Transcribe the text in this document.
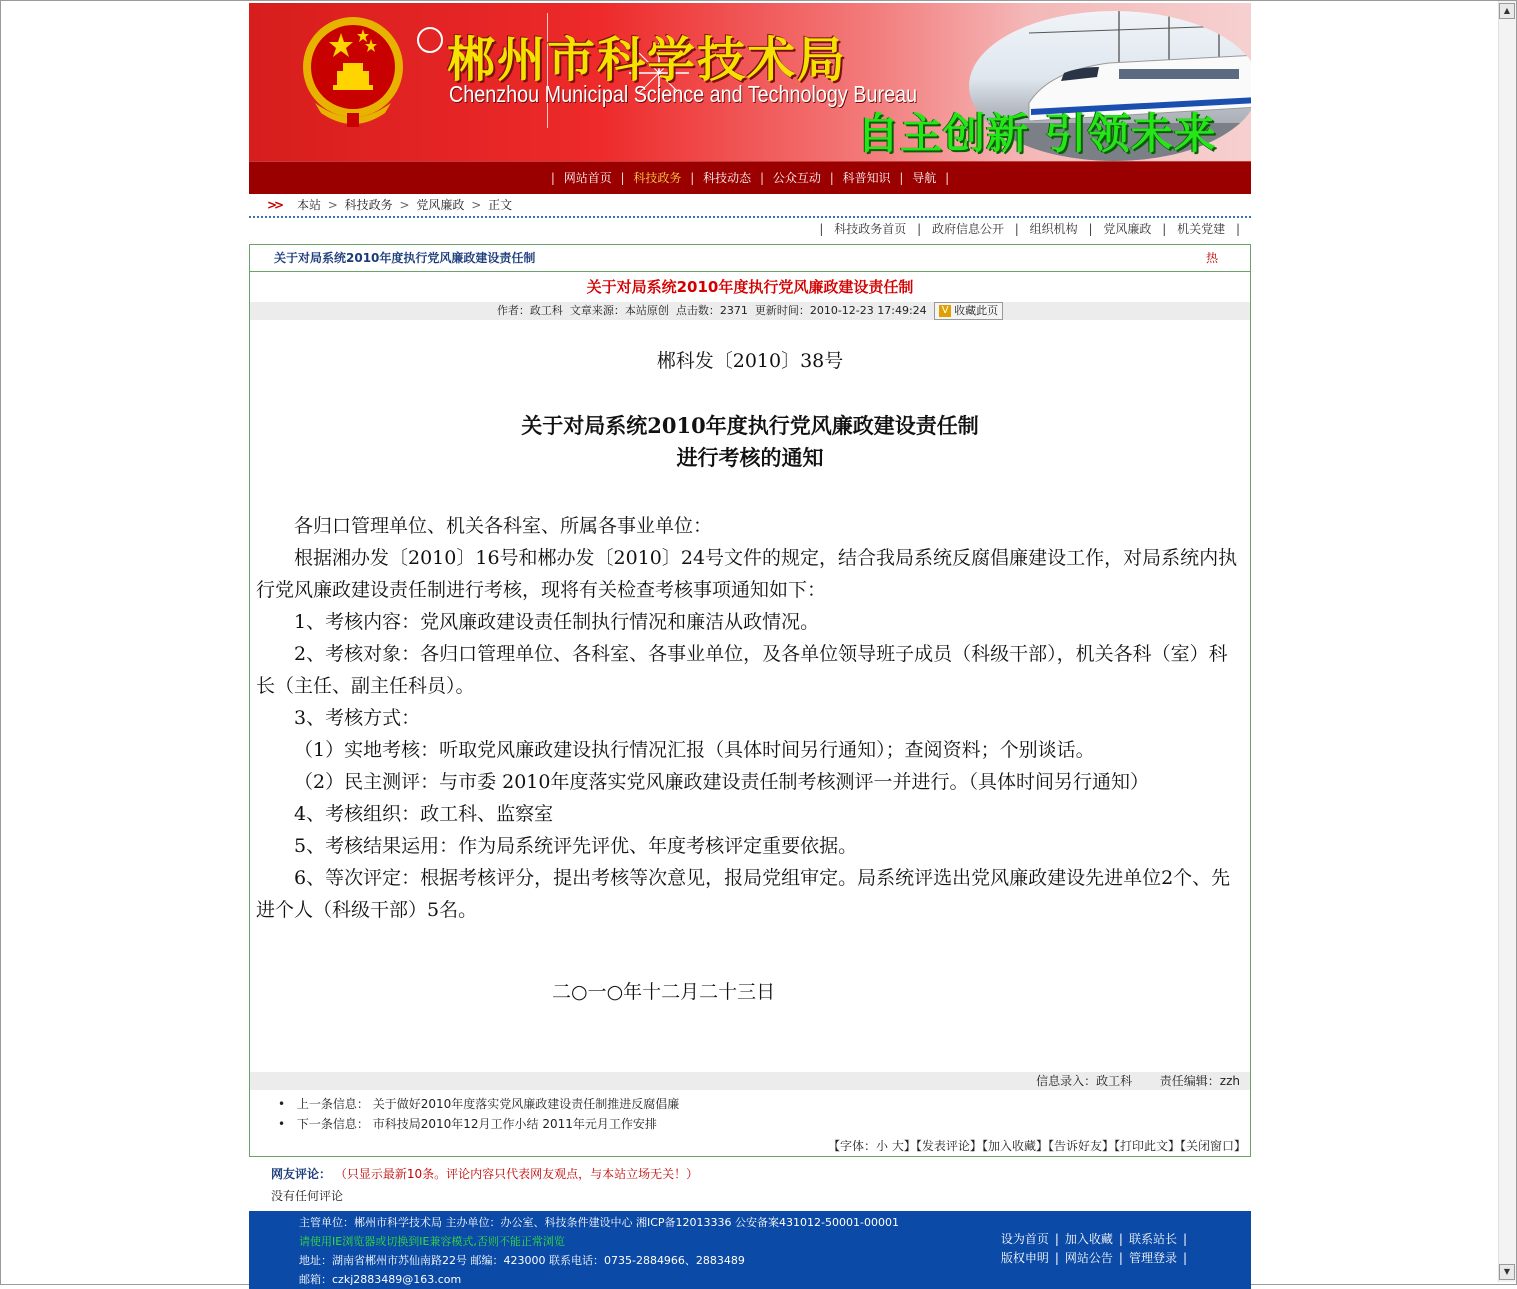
▲
▼
郴州市科学技术局
Chenzhou Municipal Science and Technology Bureau
自主创新 引领未来
| 网站首页 | 科技政务 | 科技动态 | 公众互动 | 科普知识 | 导航 |
>> 本站 > 科技政务 > 党风廉政 > 正文
| 科技政务首页 | 政府信息公开 | 组织机构 | 党风廉政 | 机关党建 |
关于对局系统2010年度执行党风廉政建设责任制	热
关于对局系统2010年度执行党风廉政建设责任制
作者：政工科 文章来源：本站原创 点击数：2371 更新时间：2010-12-23 17:49:24 V 收藏此页
郴科发〔2010〕38号
关于对局系统2010年度执行党风廉政建设责任制
进行考核的通知

各归口管理单位、机关各科室、所属各事业单位：

根据湘办发〔2010〕16号和郴办发〔2010〕24号文件的规定，结合我局系统反腐倡廉建设工作，对局系统内执行党风廉政建设责任制进行考核，现将有关检查考核事项通知如下：

1、考核内容：党风廉政建设责任制执行情况和廉洁从政情况。

2、考核对象：各归口管理单位、各科室、各事业单位，及各单位领导班子成员（科级干部），机关各科（室）科长（主任、副主任科员）。

3、考核方式：

（1）实地考核：听取党风廉政建设执行情况汇报（具体时间另行通知）；查阅资料；个别谈话。

（2）民主测评：与市委 2010年度落实党风廉政建设责任制考核测评一并进行。（具体时间另行通知）

4、考核组织：政工科、监察室

5、考核结果运用：作为局系统评先评优、年度考核评定重要依据。

6、等次评定：根据考核评分，提出考核等次意见，报局党组审定。局系统评选出党风廉政建设先进单位2个、先进个人（科级干部）5名。

二○一○年十二月二十三日
信息录入：政工科 责任编辑：zzh
• 上一条信息： 关于做好2010年度落实党风廉政建设责任制推进反腐倡廉
• 下一条信息： 市科技局2010年12月工作小结 2011年元月工作安排
【字体：小 大】【发表评论】【加入收藏】【告诉好友】【打印此文】【关闭窗口】
网友评论： （只显示最新10条。评论内容只代表网友观点，与本站立场无关！）
没有任何评论
主管单位：郴州市科学技术局 主办单位：办公室、科技条件建设中心 湘ICP备12013336 公安备案431012-50001-00001
请使用IE浏览器或切换到IE兼容模式,否则不能正常浏览
地址：湖南省郴州市苏仙南路22号 邮编：423000 联系电话：0735-2884966、2883489
邮箱：czkj2883489@163.com
设为首页 | 加入收藏 | 联系站长 |
版权申明 | 网站公告 | 管理登录 |
